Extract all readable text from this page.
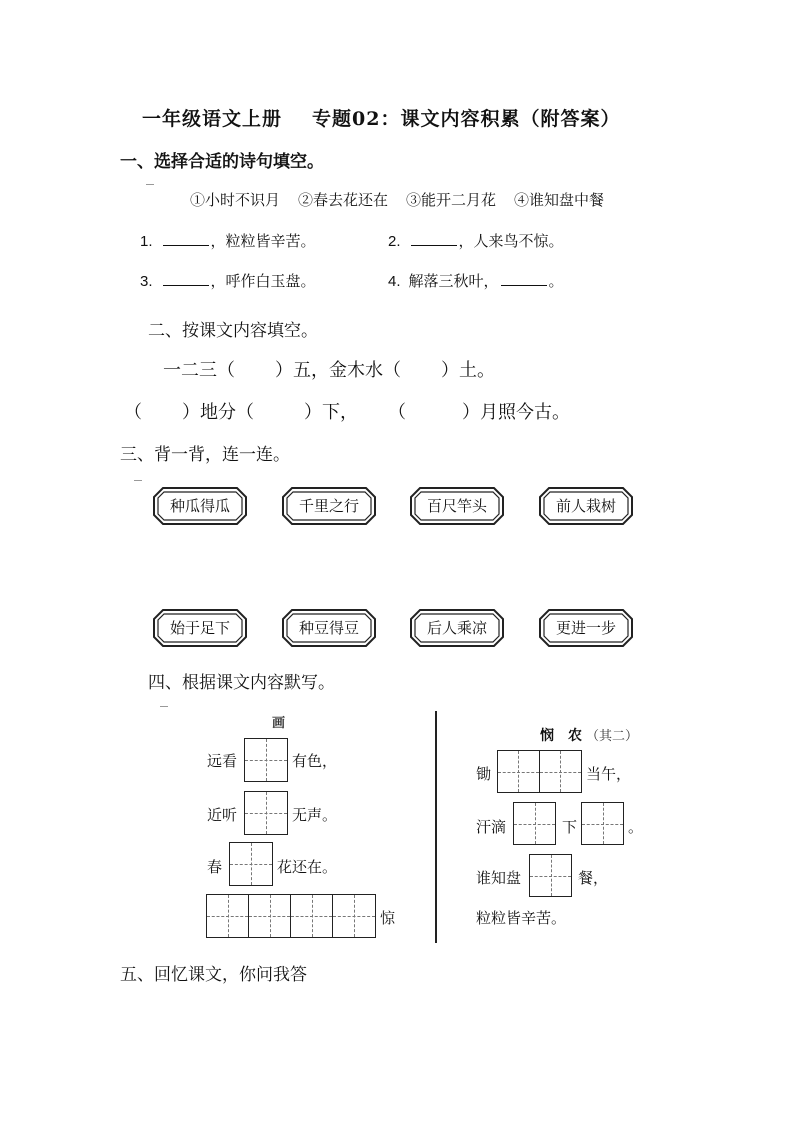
一年级语文上册 专题02：课文内容积累（附答案）
一、选择合适的诗句填空。
①小时不识月 ②春去花还在 ③能开二月花 ④谁知盘中餐
1.	，粒粒皆辛苦。	2.	，人来鸟不惊。
3.	，呼作白玉盘。	4. 解落三秋叶，	。
二、按课文内容填空。
一二三（ ）五，金木水（ ）土。
（ ）地分（	）下， （	）月照今古。
三、背一背，连一连。
种瓜得瓜	千里之行	百尺竿头	前人栽树
始于足下	种豆得豆	后人乘凉	更进一步
四、根据课文内容默写。
画
远看	有色，
近听	无声。
春	花还在。
惊
悯　农 （其二）
锄	当午，
汗滴	下	。
谁知盘	餐，
粒粒皆辛苦。
五、回忆课文，你问我答
